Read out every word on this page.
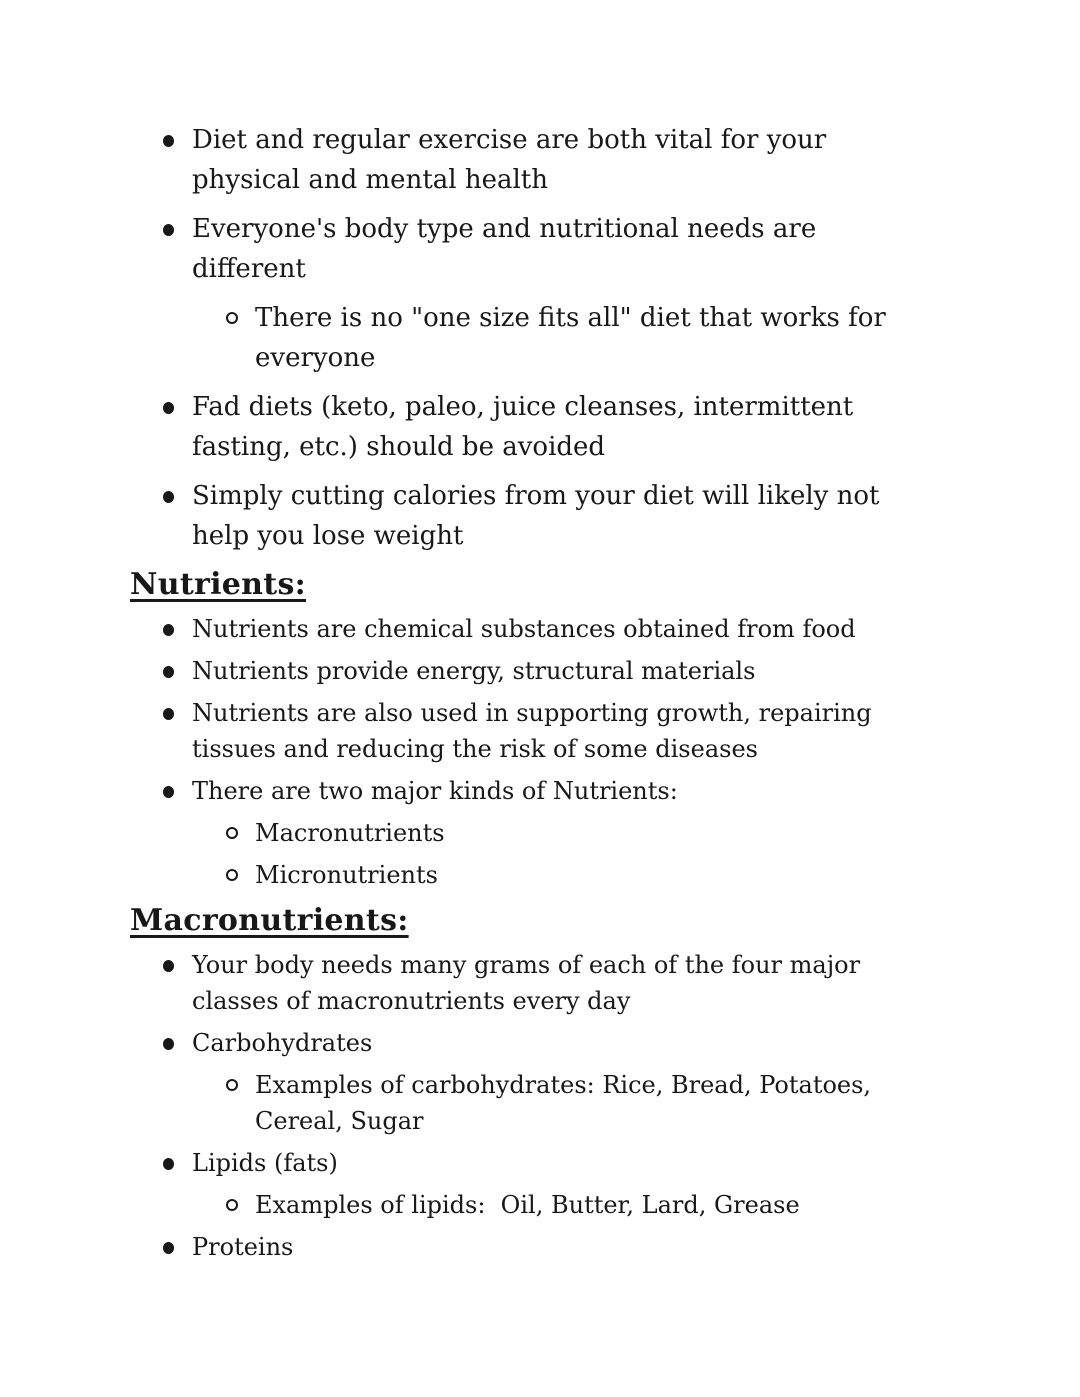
Diet and regular exercise are both vital for your physical and mental health
Everyone's body type and nutritional needs are different
There is no "one size fits all" diet that works for everyone
Fad diets (keto, paleo, juice cleanses, intermittent fasting, etc.) should be avoided
Simply cutting calories from your diet will likely not help you lose weight
Nutrients:
Nutrients are chemical substances obtained from food
Nutrients provide energy, structural materials
Nutrients are also used in supporting growth, repairing tissues and reducing the risk of some diseases
There are two major kinds of Nutrients:
Macronutrients
Micronutrients
Macronutrients:
Your body needs many grams of each of the four major classes of macronutrients every day
Carbohydrates
Examples of carbohydrates: Rice, Bread, Potatoes, Cereal, Sugar
Lipids (fats)
Examples of lipids:  Oil, Butter, Lard, Grease
Proteins
